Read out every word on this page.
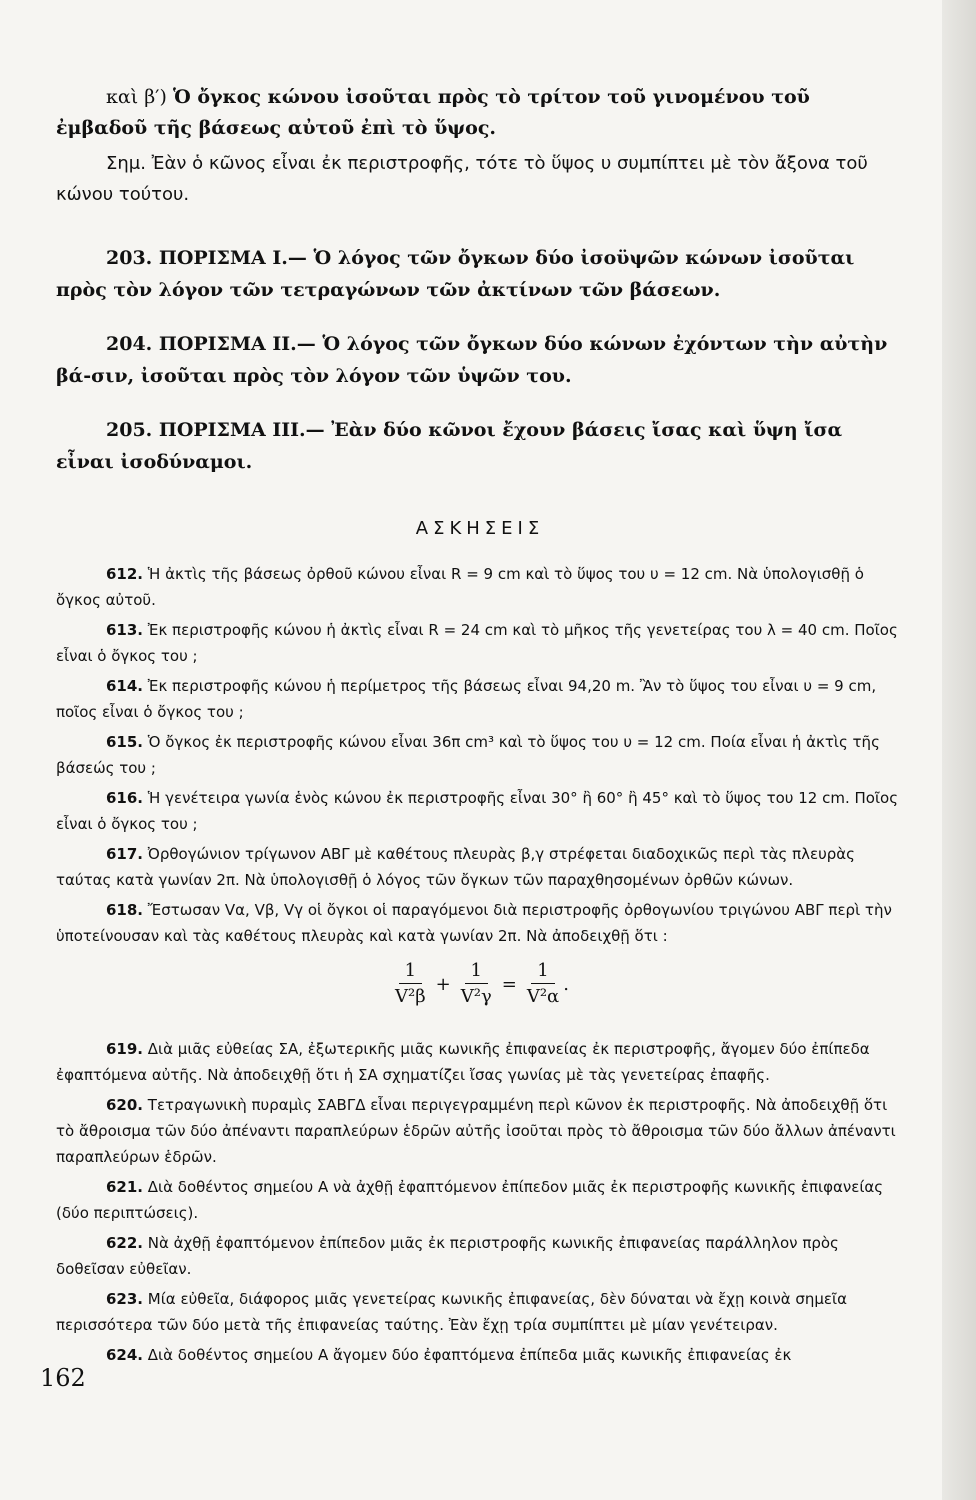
καὶ β′) Ὁ ὄγκος κώνου ἰσοῦται πρὸς τὸ τρίτον τοῦ γινομένου τοῦ ἐμβαδοῦ τῆς βάσεως αὐτοῦ ἐπὶ τὸ ὕψος.

Σημ. Ἐὰν ὁ κῶνος εἶναι ἐκ περιστροφῆς, τότε τὸ ὕψος υ συμπίπτει μὲ τὸν ἄξονα τοῦ κώνου τούτου.

203. ΠΟΡΙΣΜΑ I.— Ὁ λόγος τῶν ὄγκων δύο ἰσοϋψῶν κώνων ἰσοῦται πρὸς τὸν λόγον τῶν τετραγώνων τῶν ἀκτίνων τῶν βάσεων.

204. ΠΟΡΙΣΜΑ II.— Ὁ λόγος τῶν ὄγκων δύο κώνων ἐχόντων τὴν αὐτὴν βά-σιν, ἰσοῦται πρὸς τὸν λόγον τῶν ὑψῶν του.

205. ΠΟΡΙΣΜΑ III.— Ἐὰν δύο κῶνοι ἔχουν βάσεις ἴσας καὶ ὕψη ἴσα εἶναι ἰσοδύναμοι.

ΑΣΚΗΣΕΙΣ

612. Ἡ ἀκτὶς τῆς βάσεως ὀρθοῦ κώνου εἶναι R = 9 cm καὶ τὸ ὕψος του υ = 12 cm. Νὰ ὑπολογισθῇ ὁ ὄγκος αὐτοῦ.

613. Ἐκ περιστροφῆς κώνου ἡ ἀκτὶς εἶναι R = 24 cm καὶ τὸ μῆκος τῆς γενετείρας του λ = 40 cm. Ποῖος εἶναι ὁ ὄγκος του ;

614. Ἐκ περιστροφῆς κώνου ἡ περίμετρος τῆς βάσεως εἶναι 94,20 m. Ἂν τὸ ὕψος του εἶναι υ = 9 cm, ποῖος εἶναι ὁ ὄγκος του ;

615. Ὁ ὄγκος ἐκ περιστροφῆς κώνου εἶναι 36π cm³ καὶ τὸ ὕψος του υ = 12 cm. Ποία εἶναι ἡ ἀκτὶς τῆς βάσεώς του ;

616. Ἡ γενέτειρα γωνία ἑνὸς κώνου ἐκ περιστροφῆς εἶναι 30° ἢ 60° ἢ 45° καὶ τὸ ὕψος του 12 cm. Ποῖος εἶναι ὁ ὄγκος του ;

617. Ὀρθογώνιον τρίγωνον ΑΒΓ μὲ καθέτους πλευρὰς β,γ στρέφεται διαδοχικῶς περὶ τὰς πλευρὰς ταύτας κατὰ γωνίαν 2π. Νὰ ὑπολογισθῇ ὁ λόγος τῶν ὄγκων τῶν παραχθησομένων ὀρθῶν κώνων.

618. Ἔστωσαν Vα, Vβ, Vγ οἱ ὄγκοι οἱ παραγόμενοι διὰ περιστροφῆς ὀρθογωνίου τριγώνου ΑΒΓ περὶ τὴν ὑποτείνουσαν καὶ τὰς καθέτους πλευρὰς καὶ κατὰ γωνίαν 2π. Νὰ ἀποδειχθῇ ὅτι :

$\frac{1}{\text{V²β}} + \frac{1}{\text{V²γ}} = \frac{1}{\text{V²α}}$ .

619. Διὰ μιᾶς εὐθείας ΣΑ, ἐξωτερικῆς μιᾶς κωνικῆς ἐπιφανείας ἐκ περιστροφῆς, ἄγομεν δύο ἐπίπεδα ἐφαπτόμενα αὐτῆς. Νὰ ἀποδειχθῇ ὅτι ἡ ΣΑ σχηματίζει ἴσας γωνίας μὲ τὰς γενετείρας ἐπαφῆς.

620. Τετραγωνικὴ πυραμὶς ΣΑΒΓΔ εἶναι περιγεγραμμένη περὶ κῶνον ἐκ περιστροφῆς. Νὰ ἀποδειχθῇ ὅτι τὸ ἄθροισμα τῶν δύο ἀπέναντι παραπλεύρων ἑδρῶν αὐτῆς ἰσοῦται πρὸς τὸ ἄθροισμα τῶν δύο ἄλλων ἀπέναντι παραπλεύρων ἑδρῶν.

621. Διὰ δοθέντος σημείου Α νὰ ἀχθῇ ἐφαπτόμενον ἐπίπεδον μιᾶς ἐκ περιστροφῆς κωνικῆς ἐπιφανείας (δύο περιπτώσεις).

622. Νὰ ἀχθῇ ἐφαπτόμενον ἐπίπεδον μιᾶς ἐκ περιστροφῆς κωνικῆς ἐπιφανείας παράλληλον πρὸς δοθεῖσαν εὐθεῖαν.

623. Μία εὐθεῖα, διάφορος μιᾶς γενετείρας κωνικῆς ἐπιφανείας, δὲν δύναται νὰ ἔχῃ κοινὰ σημεῖα περισσότερα τῶν δύο μετὰ τῆς ἐπιφανείας ταύτης. Ἐὰν ἔχῃ τρία συμπίπτει μὲ μίαν γενέτειραν.

624. Διὰ δοθέντος σημείου Α ἄγομεν δύο ἐφαπτόμενα ἐπίπεδα μιᾶς κωνικῆς ἐπιφανείας ἐκ

162
